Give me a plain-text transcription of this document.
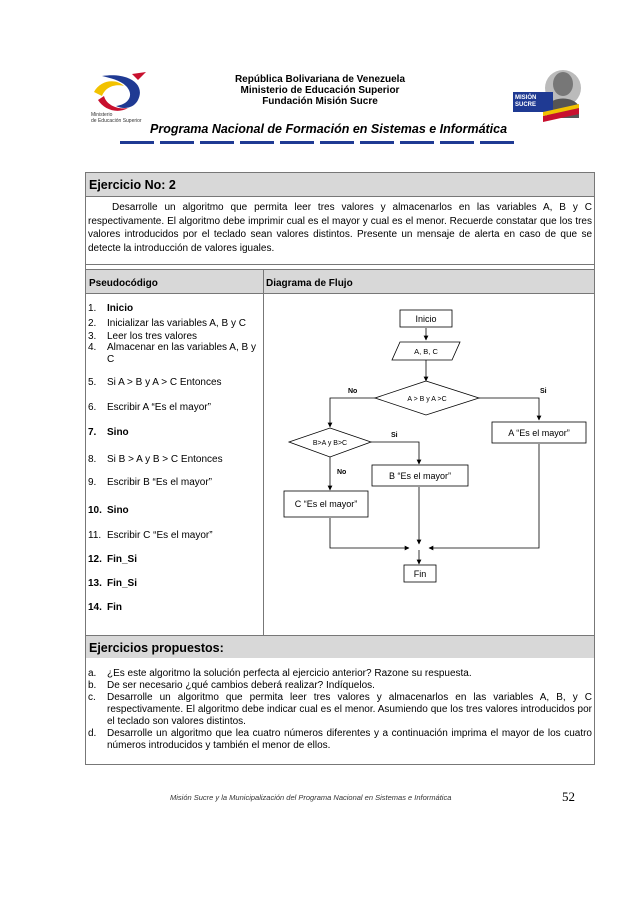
Ministerio
de Educación Superior
República Bolivariana de Venezuela
Ministerio de Educación Superior
Fundación Misión Sucre	MISIÓN SUCRE
Programa Nacional de Formación en Sistemas e Informática
Ejercicio No: 2
Desarrolle un algoritmo que permita leer tres valores y almacenarlos en las variables A, B y C respectivamente. El algoritmo debe imprimir cual es el mayor y cual es el menor. Recuerde constatar que los tres valores introducidos por el teclado sean valores distintos. Presente un mensaje de alerta en caso de que se detecte la introducción de valores iguales.
Pseudocódigo	Diagrama de Flujo
1. Inicio
2. Inicializar las variables A, B y C
3. Leer los tres valores
4. Almacenar en las variables A, B y C
5. Si A > B y A > C Entonces
6. Escribir A “Es el mayor”
7. Sino
8. Si B > A y B > C Entonces
9. Escribir B “Es el mayor”
10. Sino
11. Escribir C “Es el mayor”
12. Fin_Si
13. Fin_Si
14. Fin
Inicio
A, B, C
A > B y A >C
B>A y B>C
A “Es el mayor”
B “Es el mayor”
C “Es el mayor”
Fin
No	Si
Si
No
Ejercicios propuestos:
a. ¿Es este algoritmo la solución perfecta al ejercicio anterior? Razone su respuesta.
b. De ser necesario ¿qué cambios deberá realizar? Indíquelos.
c. Desarrolle un algoritmo que permita leer tres valores y almacenarlos en las variables A, B, y C respectivamente. El algoritmo debe indicar cual es el menor. Asumiendo que los tres valores introducidos por el teclado son valores distintos.
d. Desarrolle un algoritmo que lea cuatro números diferentes y a continuación imprima el mayor de los cuatro números introducidos y también el menor de ellos.
Misión Sucre y la Municipalización del Programa Nacional en Sistemas e Informática	52
